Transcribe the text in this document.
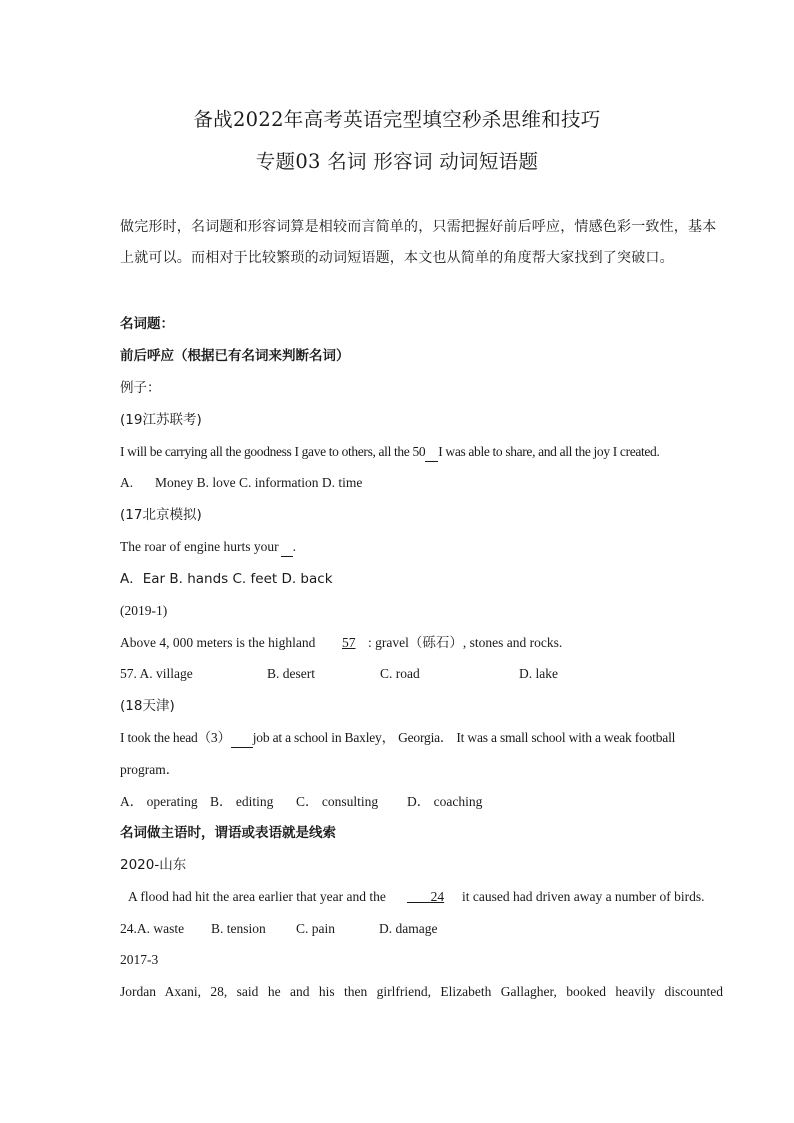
备战2022年高考英语完型填空秒杀思维和技巧
专题03 名词 形容词 动词短语题
做完形时，名词题和形容词算是相较而言简单的，只需把握好前后呼应，情感色彩一致性，基本上就可以。而相对于比较繁琐的动词短语题，本文也从简单的角度帮大家找到了突破口。
名词题：
前后呼应（根据已有名词来判断名词）
例子：
(19江苏联考)
I will be carrying all the goodness I gave to others, all the 50 I was able to share, and all the joy I created.
A. Money B. love C. information D. time
(17北京模拟)
The roar of engine hurts your .
A．Ear B. hands C. feet D. back
(2019-1)
Above 4, 000 meters is the highland 57 : gravel（砾石）, stones and rocks.
57. A. village	B. desert	C. road	D. lake
(18天津)
I took the head（3） job at a school in Baxley， Georgia． It was a small school with a weak football
program．
A． operating B． editing C． consulting D． coaching
名词做主语时，谓语或表语就是线索
2020-山东
A flood had hit the area earlier that year and the	24 it caused had driven away a number of birds.
24.A. waste B. tension C. pain	D. damage
2017-3
Jordan Axani, 28, said he and his then girlfriend, Elizabeth Gallagher, booked heavily discounted
